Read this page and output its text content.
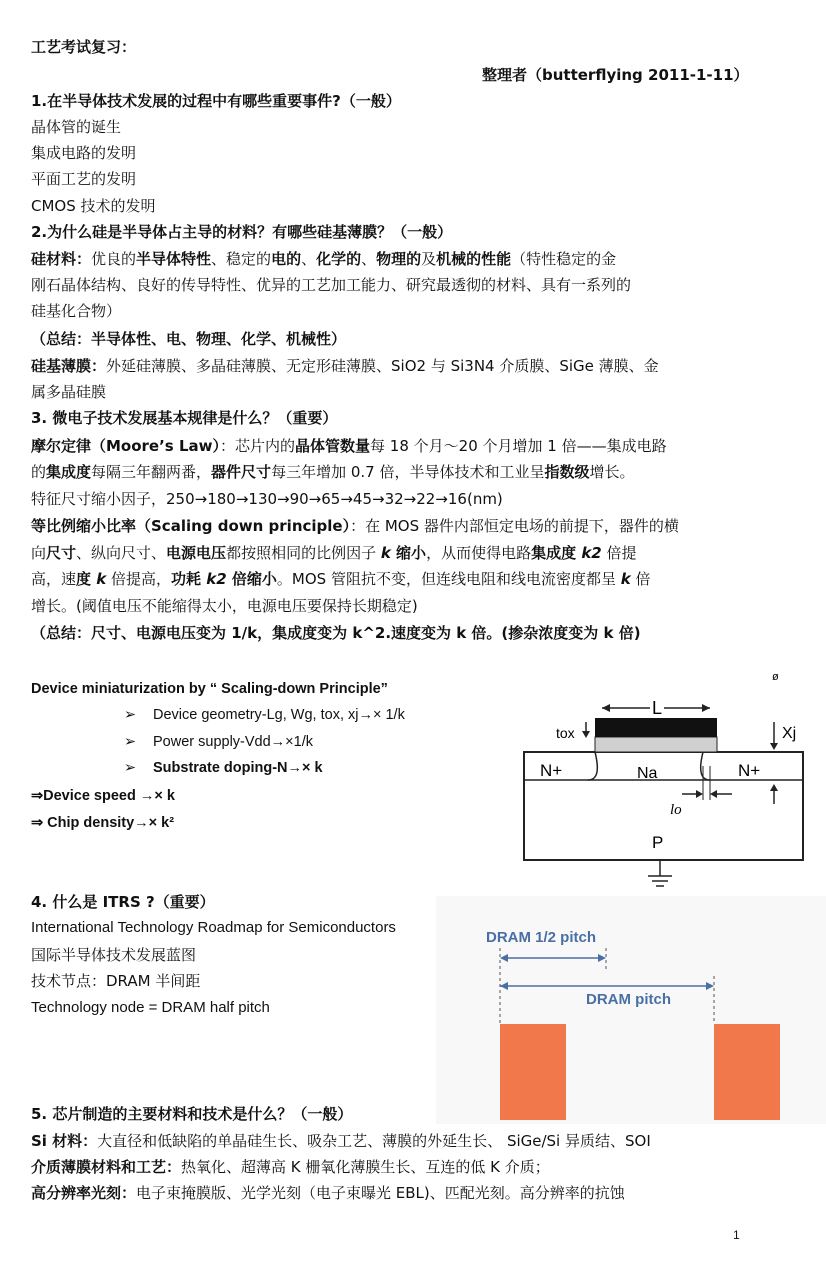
工艺考试复习：
整理者（butterflying 2011-1-11）
1.在半导体技术发展的过程中有哪些重要事件?（一般）
晶体管的诞生
集成电路的发明
平面工艺的发明
CMOS 技术的发明
2.为什么硅是半导体占主导的材料？有哪些硅基薄膜？（一般）
硅材料：优良的半导体特性、稳定的电的、化学的、物理的及机械的性能（特性稳定的金
刚石晶体结构、良好的传导特性、优异的工艺加工能力、研究最透彻的材料、具有一系列的
硅基化合物）
（总结：半导体性、电、物理、化学、机械性）
硅基薄膜：外延硅薄膜、多晶硅薄膜、无定形硅薄膜、SiO2 与 Si3N4 介质膜、SiGe 薄膜、金
属多晶硅膜
3. 微电子技术发展基本规律是什么？（重要）
摩尔定律（Moore’s Law）：芯片内的晶体管数量每 18 个月～20 个月增加 1 倍——集成电路
的集成度每隔三年翻两番，器件尺寸每三年增加 0.7 倍，半导体技术和工业呈指数级增长。
特征尺寸缩小因子，250→180→130→90→65→45→32→22→16(nm)
等比例缩小比率（Scaling down principle）：在 MOS 器件内部恒定电场的前提下，器件的横
向尺寸、纵向尺寸、电源电压都按照相同的比例因子 k 缩小，从而使得电路集成度 k2 倍提
高，速度 k 倍提高，功耗 k2 倍缩小。MOS 管阻抗不变，但连线电阻和线电流密度都呈 k 倍
增长。(阈值电压不能缩得太小，电源电压要保持长期稳定)
（总结：尺寸、电源电压变为 1/k，集成度变为 k^2.速度变为 k 倍。(掺杂浓度变为 k 倍)
Device miniaturization by “ Scaling-down Principle”
➢ Device geometry-Lg, Wg, tox, xj→× 1/k
➢ Power supply-Vdd→×1/k
➢ Substrate doping-N→× k
⇒Device speed →× k
⇒ Chip density→× k²
ø
L
tox	Xj
N+	N+
Na
lo
P
4. 什么是 ITRS ?（重要）
International Technology Roadmap for Semiconductors
国际半导体技术发展蓝图
技术节点：DRAM 半间距
Technology node = DRAM half pitch
DRAM 1/2 pitch
DRAM pitch
5. 芯片制造的主要材料和技术是什么？（一般）
Si 材料：大直径和低缺陷的单晶硅生长、吸杂工艺、薄膜的外延生长、 SiGe/Si 异质结、SOI
介质薄膜材料和工艺：热氧化、超薄高 K 栅氧化薄膜生长、互连的低 K 介质；
高分辨率光刻：电子束掩膜版、光学光刻（电子束曝光 EBL)、匹配光刻。高分辨率的抗蚀
1
